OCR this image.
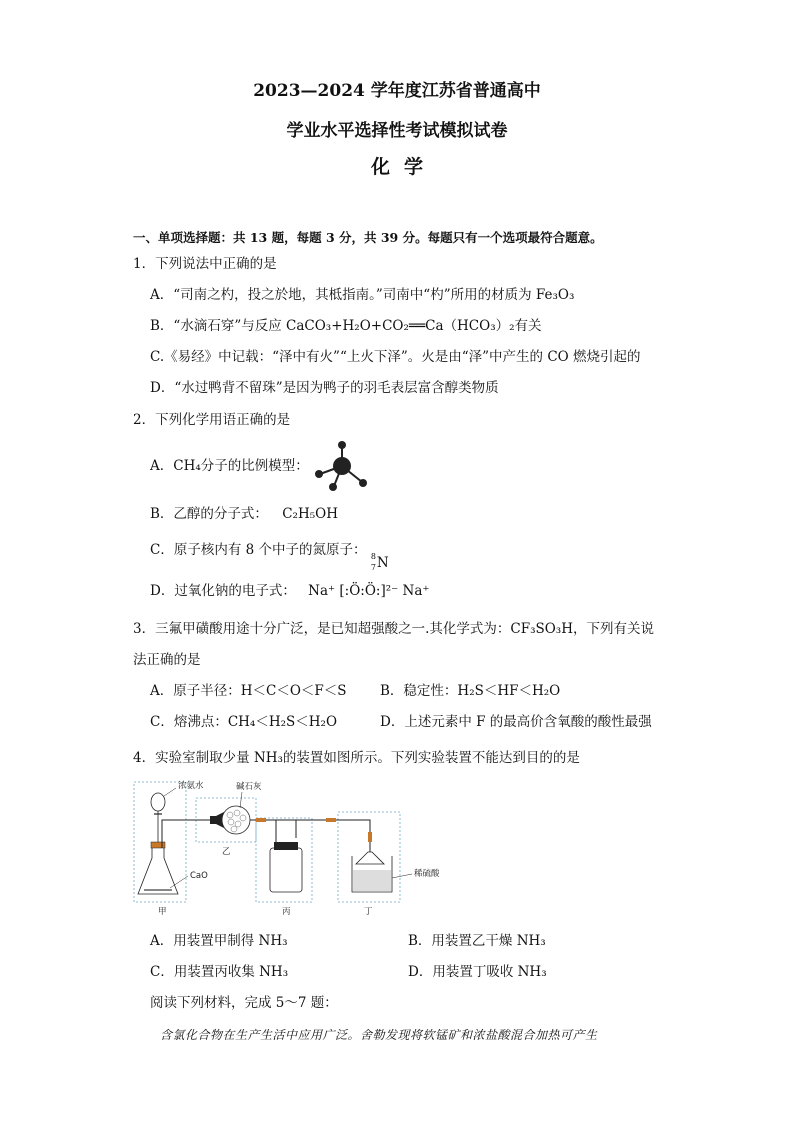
2023—2024 学年度江苏省普通高中
学业水平选择性考试模拟试卷
化学
一、单项选择题：共 13 题，每题 3 分，共 39 分。每题只有一个选项最符合题意。
1．下列说法中正确的是
A．“司南之杓，投之於地，其柢指南。”司南中“杓”所用的材质为 Fe₃O₃
B．“水滴石穿”与反应 CaCO₃+H₂O+CO₂══Ca（HCO₃）₂有关
C.《易经》中记载：“泽中有火”“上火下泽”。火是由“泽”中产生的 CO 燃烧引起的
D．“水过鸭背不留珠”是因为鸭子的羽毛表层富含醇类物质
2．下列化学用语正确的是
A．CH₄分子的比例模型：
B．乙醇的分子式： C₂H₅OH
C．原子核内有 8 个中子的氮原子： 8
7 N
D．过氧化钠的电子式： Na⁺ [:Ö:Ö:]²⁻ Na⁺
3．三氟甲磺酸用途十分广泛，是已知超强酸之一.其化学式为：CF₃SO₃H，下列有关说
法正确的是
A．原子半径：H＜C＜O＜F＜S B．稳定性：H₂S＜HF＜H₂O
C．熔沸点：CH₄＜H₂S＜H₂O	D．上述元素中 F 的最高价含氧酸的酸性最强
4．实验室制取少量 NH₃的装置如图所示。下列实验装置不能达到目的的是
浓氨水	碱石灰
CaO	稀硫酸
甲
乙
丙	丁
A．用装置甲制得 NH₃	B．用装置乙干燥 NH₃
C．用装置丙收集 NH₃	D．用装置丁吸收 NH₃
阅读下列材料，完成 5～7 题：
含氯化合物在生产生活中应用广泛。舍勒发现将软锰矿和浓盐酸混合加热可产生
